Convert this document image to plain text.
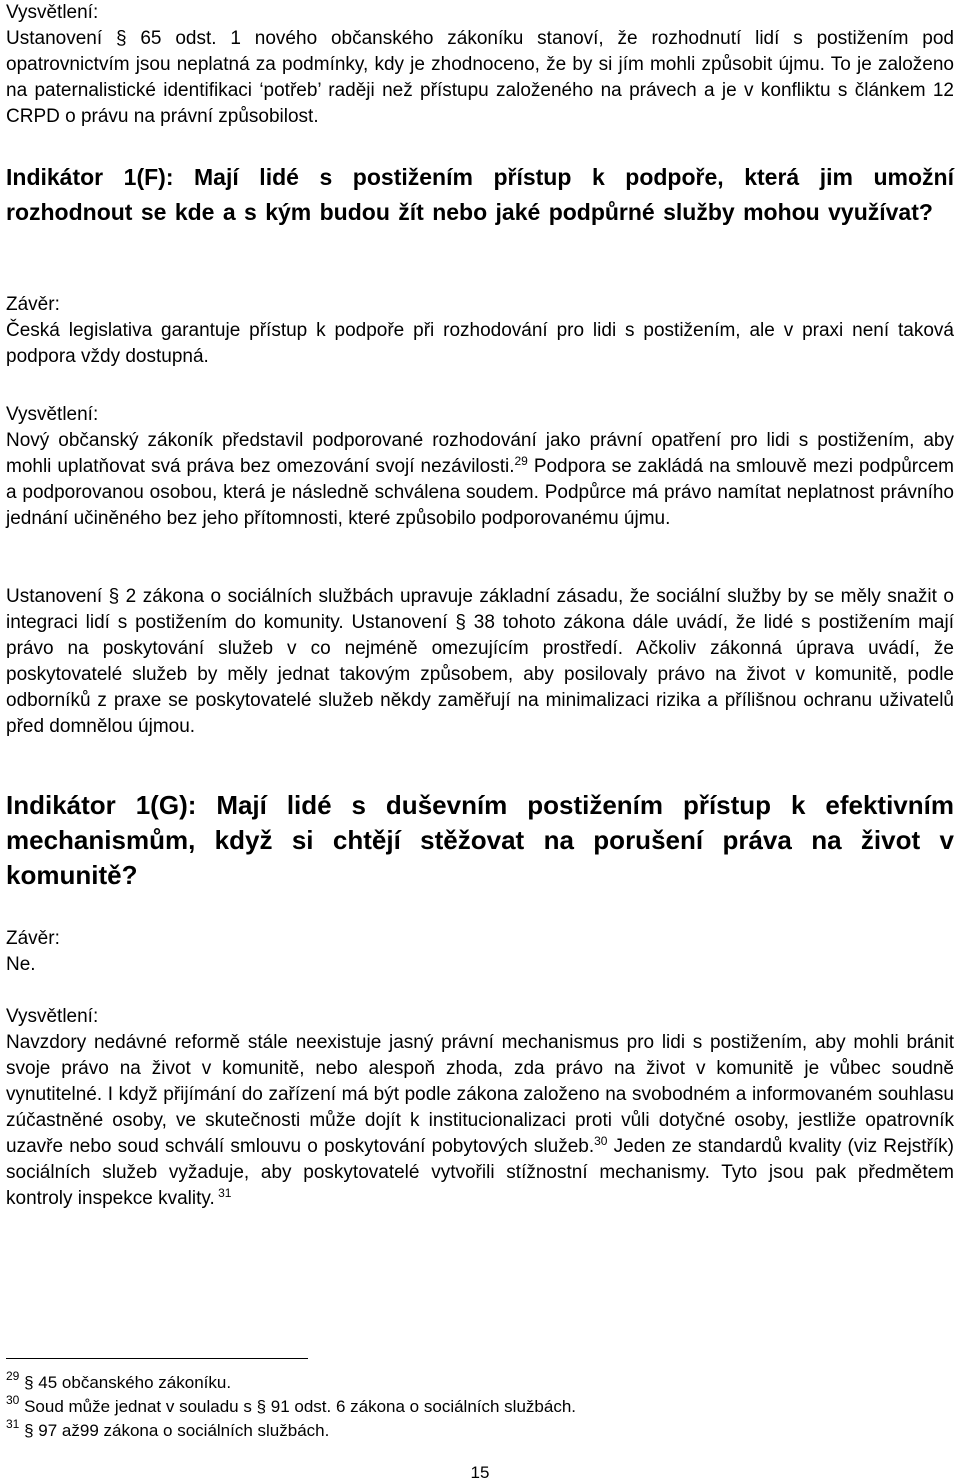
Vysvětlení:

Ustanovení § 65 odst. 1 nového občanského zákoníku stanoví, že rozhodnutí lidí s postižením pod opatrovnictvím jsou neplatná za podmínky, kdy je zhodnoceno, že by si jím mohli způsobit újmu. To je založeno na paternalistické identifikaci ‘potřeb’ raději než přístupu založeného na právech a je v konfliktu s článkem 12 CRPD o právu na právní způsobilost.

Indikátor 1(F): Mají lidé s postižením přístup k podpoře, která jim umožní rozhodnout se kde a s kým budou žít nebo jaké podpůrné služby mohou využívat?

Závěr:

Česká legislativa garantuje přístup k podpoře při rozhodování pro lidi s postižením, ale v praxi není taková podpora vždy dostupná.

Vysvětlení:

Nový občanský zákoník představil podporované rozhodování jako právní opatření pro lidi s postižením, aby mohli uplatňovat svá práva bez omezování svojí nezávilosti.$^{29}$ Podpora se zakládá na smlouvě mezi podpůrcem a podporovanou osobou, která je následně schválena soudem. Podpůrce má právo namítat neplatnost právního jednání učiněného bez jeho přítomnosti, které způsobilo podporovanému újmu.

Ustanovení § 2 zákona o sociálních službách upravuje základní zásadu, že sociální služby by se měly snažit o integraci lidí s postižením do komunity. Ustanovení § 38 tohoto zákona dále uvádí, že lidé s postižením mají právo na poskytování služeb v co nejméně omezujícím prostředí. Ačkoliv zákonná úprava uvádí, že poskytovatelé služeb by měly jednat takovým způsobem, aby posilovaly právo na život v komunitě, podle odborníků z praxe se poskytovatelé služeb někdy zaměřují na minimalizaci rizika a přílišnou ochranu uživatelů před domnělou újmou.

Indikátor 1(G): Mají lidé s duševním postižením přístup k efektivním mechanismům, když si chtějí stěžovat na porušení práva na život v komunitě?

Závěr:

Ne.

Vysvětlení:

Navzdory nedávné reformě stále neexistuje jasný právní mechanismus pro lidi s postižením, aby mohli bránit svoje právo na život v komunitě, nebo alespoň zhoda, zda právo na život v komunitě je vůbec soudně vynutitelné. I když přijímání do zařízení má být podle zákona založeno na svobodném a informovaném souhlasu zúčastněné osoby, ve skutečnosti může dojít k institucionalizaci proti vůli dotyčné osoby, jestliže opatrovník uzavře nebo soud schválí smlouvu o poskytování pobytových služeb.$^{30}$ Jeden ze standardů kvality (viz Rejstřík) sociálních služeb vyžaduje, aby poskytovatelé vytvořili stížnostní mechanismy. Tyto jsou pak předmětem kontroly inspekce kvality. $^{31}$

$^{29}$ § 45 občanského zákoníku.
$^{30}$ Soud může jednat v souladu s § 91 odst. 6 zákona o sociálních službách.
$^{31}$ § 97 až99 zákona o sociálních službách.
15
